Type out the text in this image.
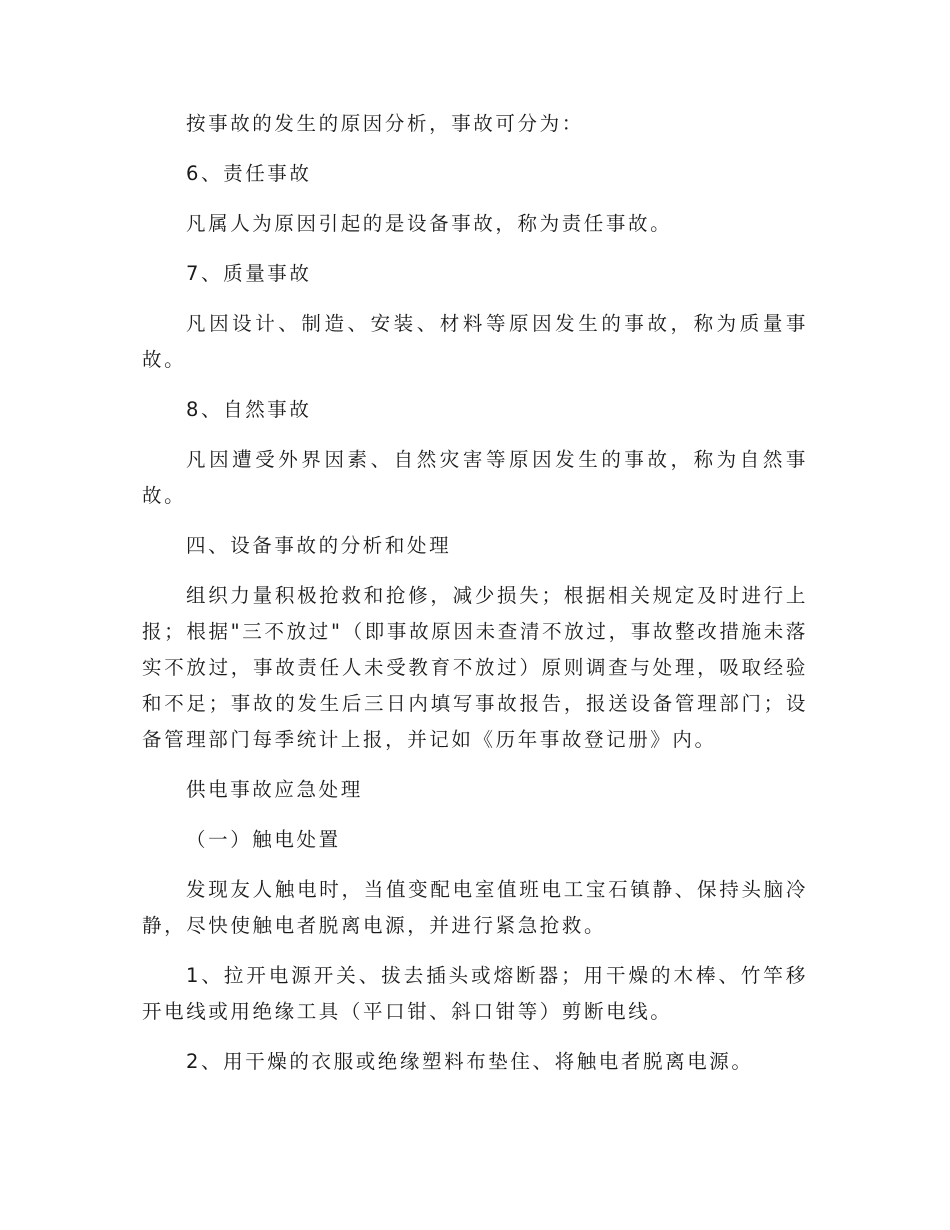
按事故的发生的原因分析，事故可分为：

6、责任事故

凡属人为原因引起的是设备事故，称为责任事故。

7、质量事故

凡因设计、制造、安装、材料等原因发生的事故，称为质量事故。

8、自然事故

凡因遭受外界因素、自然灾害等原因发生的事故，称为自然事故。

四、设备事故的分析和处理

组织力量积极抢救和抢修，减少损失；根据相关规定及时进行上报；根据"三不放过"（即事故原因未查清不放过，事故整改措施未落实不放过，事故责任人未受教育不放过）原则调查与处理，吸取经验和不足；事故的发生后三日内填写事故报告，报送设备管理部门；设备管理部门每季统计上报，并记如《历年事故登记册》内。

供电事故应急处理

（一）触电处置

发现友人触电时，当值变配电室值班电工宝石镇静、保持头脑冷静，尽快使触电者脱离电源，并进行紧急抢救。

1、拉开电源开关、拔去插头或熔断器；用干燥的木棒、竹竿移开电线或用绝缘工具（平口钳、斜口钳等）剪断电线。

2、用干燥的衣服或绝缘塑料布垫住、将触电者脱离电源。
